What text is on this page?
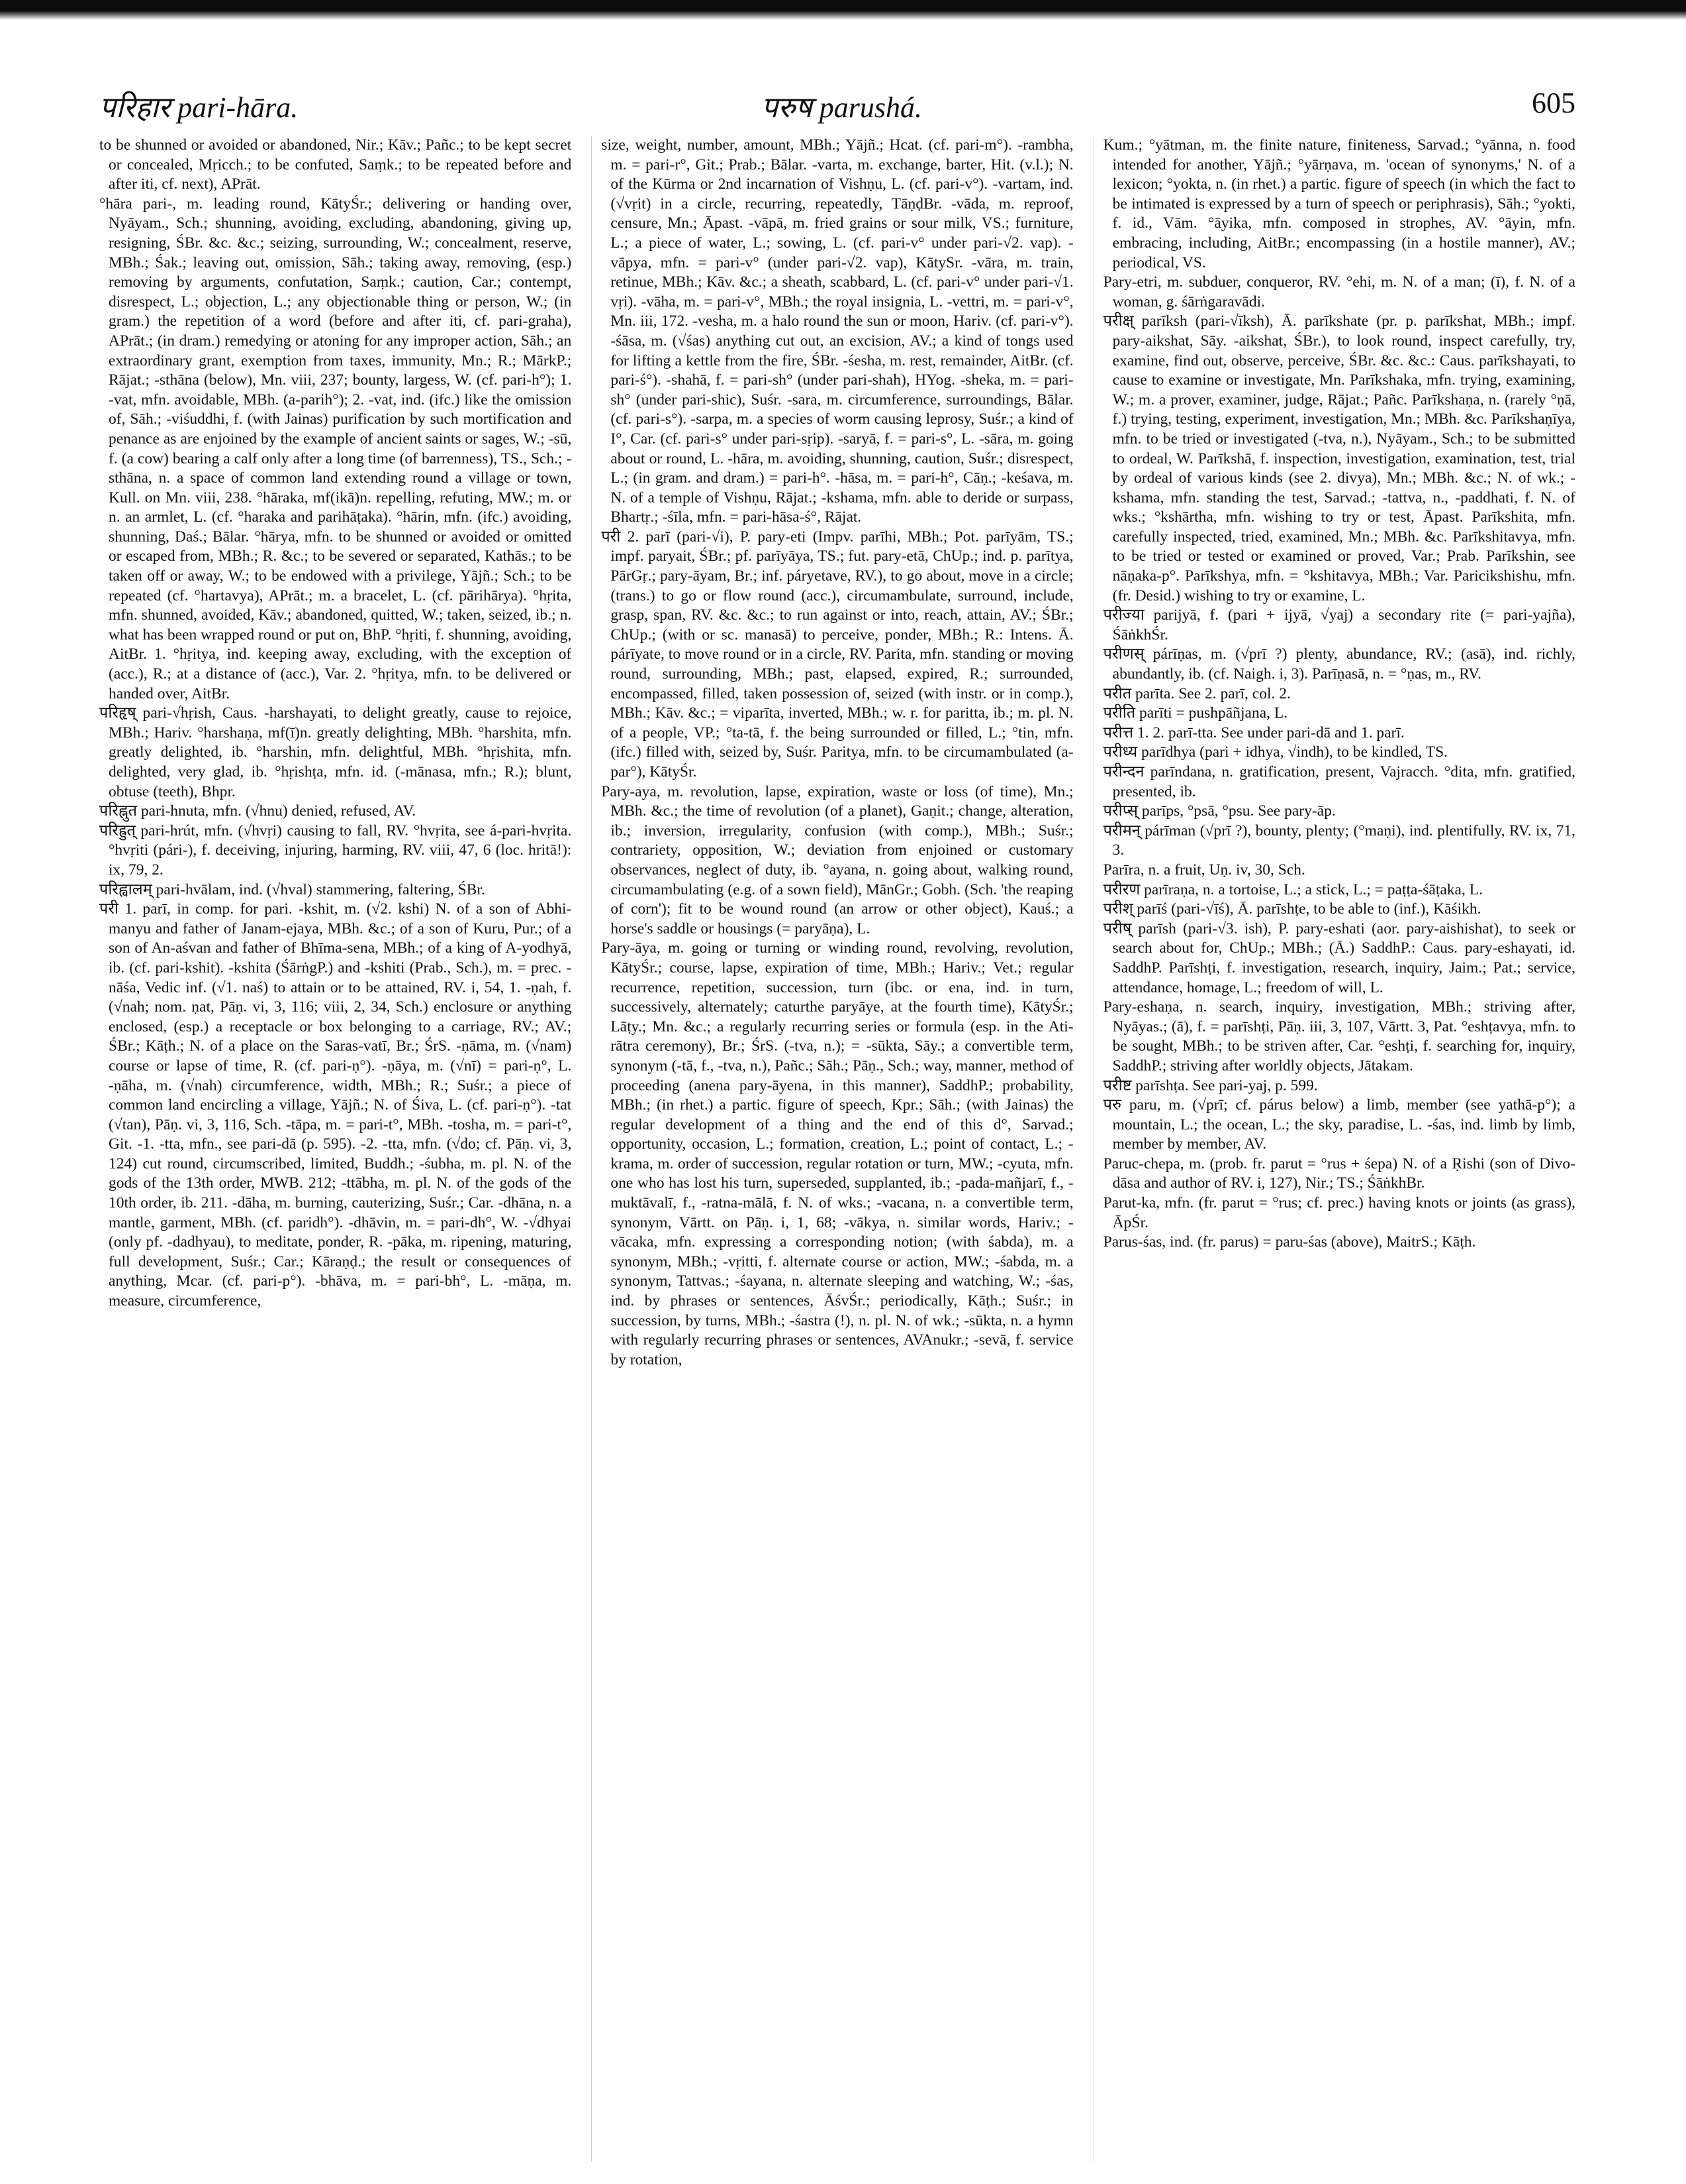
परिहार pari-hāra.	परुष parushá.	605

to be shunned or avoided or abandoned, Nir.; Kāv.; Pañc.; to be kept secret or concealed, Mṛicch.; to be confuted, Saṃk.; to be repeated before and after iti, cf. next), APrāt.

°hāra pari-, m. leading round, KātyŚr.; delivering or handing over, Nyāyam., Sch.; shunning, avoiding, excluding, abandoning, giving up, resigning, ŚBr. &c. &c.; seizing, surrounding, W.; concealment, reserve, MBh.; Śak.; leaving out, omission, Sāh.; taking away, removing, (esp.) removing by arguments, confutation, Saṃk.; caution, Car.; contempt, disrespect, L.; objection, L.; any objectionable thing or person, W.; (in gram.) the repetition of a word (before and after iti, cf. pari-graha), APrāt.; (in dram.) remedying or atoning for any improper action, Sāh.; an extraordinary grant, exemption from taxes, immunity, Mn.; R.; MārkP.; Rājat.; -sthāna (below), Mn. viii, 237; bounty, largess, W. (cf. pari-h°); 1. -vat, mfn. avoidable, MBh. (a-parih°); 2. -vat, ind. (ifc.) like the omission of, Sāh.; -viśuddhi, f. (with Jainas) purification by such mortification and penance as are enjoined by the example of ancient saints or sages, W.; -sū, f. (a cow) bearing a calf only after a long time (of barrenness), TS., Sch.; -sthāna, n. a space of common land extending round a village or town, Kull. on Mn. viii, 238. °hāraka, mf(ikā)n. repelling, refuting, MW.; m. or n. an armlet, L. (cf. °haraka and parihāṭaka). °hārin, mfn. (ifc.) avoiding, shunning, Daś.; Bālar. °hārya, mfn. to be shunned or avoided or omitted or escaped from, MBh.; R. &c.; to be severed or separated, Kathās.; to be taken off or away, W.; to be endowed with a privilege, Yājñ.; Sch.; to be repeated (cf. °hartavya), APrāt.; m. a bracelet, L. (cf. pārihārya). °hṛita, mfn. shunned, avoided, Kāv.; abandoned, quitted, W.; taken, seized, ib.; n. what has been wrapped round or put on, BhP. °hṛiti, f. shunning, avoiding, AitBr. 1. °hṛitya, ind. keeping away, excluding, with the exception of (acc.), R.; at a distance of (acc.), Var. 2. °hṛitya, mfn. to be delivered or handed over, AitBr.

परिहृष् pari-√hṛish, Caus. -harshayati, to delight greatly, cause to rejoice, MBh.; Hariv. °harshaṇa, mf(ī)n. greatly delighting, MBh. °harshita, mfn. greatly delighted, ib. °harshin, mfn. delightful, MBh. °hṛishita, mfn. delighted, very glad, ib. °hṛishṭa, mfn. id. (-mānasa, mfn.; R.); blunt, obtuse (teeth), Bhpr.

परिह्नुत pari-hnuta, mfn. (√hnu) denied, refused, AV.

परिह्रुत् pari-hrút, mfn. (√hvṛi) causing to fall, RV. °hvṛita, see á-pari-hvṛita. °hvṛiti (pári-), f. deceiving, injuring, harming, RV. viii, 47, 6 (loc. hritā!): ix, 79, 2.

परिह्वालम् pari-hvālam, ind. (√hval) stammering, faltering, ŚBr.

परी 1. parī, in comp. for pari. -kshit, m. (√2. kshi) N. of a son of Abhi-manyu and father of Janam-ejaya, MBh. &c.; of a son of Kuru, Pur.; of a son of An-aśvan and father of Bhīma-sena, MBh.; of a king of A-yodhyā, ib. (cf. pari-kshit). -kshita (ŚārṅgP.) and -kshiti (Prab., Sch.), m. = prec. -nāśa, Vedic inf. (√1. naś) to attain or to be attained, RV. i, 54, 1. -ṇah, f. (√nah; nom. ṇat, Pāṇ. vi, 3, 116; viii, 2, 34, Sch.) enclosure or anything enclosed, (esp.) a receptacle or box belonging to a carriage, RV.; AV.; ŚBr.; Kāṭh.; N. of a place on the Saras-vatī, Br.; ŚrS. -ṇāma, m. (√nam) course or lapse of time, R. (cf. pari-ṇ°). -ṇāya, m. (√nī) = pari-ṇ°, L. -ṇāha, m. (√nah) circumference, width, MBh.; R.; Suśr.; a piece of common land encircling a village, Yājñ.; N. of Śiva, L. (cf. pari-ṇ°). -tat (√tan), Pāṇ. vi, 3, 116, Sch. -tāpa, m. = pari-t°, MBh. -tosha, m. = pari-t°, Git. -1. -tta, mfn., see pari-dā (p. 595). -2. -tta, mfn. (√do; cf. Pāṇ. vi, 3, 124) cut round, circumscribed, limited, Buddh.; -śubha, m. pl. N. of the gods of the 13th order, MWB. 212; -ttābha, m. pl. N. of the gods of the 10th order, ib. 211. -dāha, m. burning, cauterizing, Suśr.; Car. -dhāna, n. a mantle, garment, MBh. (cf. paridh°). -dhāvin, m. = pari-dh°, W. -√dhyai (only pf. -dadhyau), to meditate, ponder, R. -pāka, m. ripening, maturing, full development, Suśr.; Car.; Kāraṇḍ.; the result or consequences of anything, Mcar. (cf. pari-p°). -bhāva, m. = pari-bh°, L. -māṇa, m. measure, circumference,

size, weight, number, amount, MBh.; Yājñ.; Hcat. (cf. pari-m°). -rambha, m. = pari-r°, Git.; Prab.; Bālar. -varta, m. exchange, barter, Hit. (v.l.); N. of the Kūrma or 2nd incarnation of Vishṇu, L. (cf. pari-v°). -vartam, ind. (√vṛit) in a circle, recurring, repeatedly, TāṇḍBr. -vāda, m. reproof, censure, Mn.; Āpast. -vāpā, m. fried grains or sour milk, VS.; furniture, L.; a piece of water, L.; sowing, L. (cf. pari-v° under pari-√2. vap). -vāpya, mfn. = pari-v° (under pari-√2. vap), KātySr. -vāra, m. train, retinue, MBh.; Kāv. &c.; a sheath, scabbard, L. (cf. pari-v° under pari-√1. vṛi). -vāha, m. = pari-v°, MBh.; the royal insignia, L. -vettri, m. = pari-v°, Mn. iii, 172. -vesha, m. a halo round the sun or moon, Hariv. (cf. pari-v°). -śāsa, m. (√śas) anything cut out, an excision, AV.; a kind of tongs used for lifting a kettle from the fire, ŚBr. -śesha, m. rest, remainder, AitBr. (cf. pari-ś°). -shahā, f. = pari-sh° (under pari-shah), HYog. -sheka, m. = pari-sh° (under pari-shic), Suśr. -sara, m. circumference, surroundings, Bālar. (cf. pari-s°). -sarpa, m. a species of worm causing leprosy, Suśr.; a kind of I°, Car. (cf. pari-s° under pari-sṛip). -saryā, f. = pari-s°, L. -sāra, m. going about or round, L. -hāra, m. avoiding, shunning, caution, Suśr.; disrespect, L.; (in gram. and dram.) = pari-h°. -hāsa, m. = pari-h°, Cāṇ.; -keśava, m. N. of a temple of Vishṇu, Rājat.; -kshama, mfn. able to deride or surpass, Bhartṛ.; -śīla, mfn. = pari-hāsa-ś°, Rājat.

परी 2. parī (pari-√i), P. pary-eti (Impv. parīhi, MBh.; Pot. parīyām, TS.; impf. paryait, ŚBr.; pf. parīyāya, TS.; fut. pary-etā, ChUp.; ind. p. parītya, PārGṛ.; pary-āyam, Br.; inf. páryetave, RV.), to go about, move in a circle; (trans.) to go or flow round (acc.), circumambulate, surround, include, grasp, span, RV. &c. &c.; to run against or into, reach, attain, AV.; ŚBr.; ChUp.; (with or sc. manasā) to perceive, ponder, MBh.; R.: Intens. Ā. párīyate, to move round or in a circle, RV. Parita, mfn. standing or moving round, surrounding, MBh.; past, elapsed, expired, R.; surrounded, encompassed, filled, taken possession of, seized (with instr. or in comp.), MBh.; Kāv. &c.; = viparīta, inverted, MBh.; w. r. for paritta, ib.; m. pl. N. of a people, VP.; °ta-tā, f. the being surrounded or filled, L.; °tin, mfn. (ifc.) filled with, seized by, Suśr. Paritya, mfn. to be circumambulated (a-par°), KātyŚr.

Pary-aya, m. revolution, lapse, expiration, waste or loss (of time), Mn.; MBh. &c.; the time of revolution (of a planet), Gaṇit.; change, alteration, ib.; inversion, irregularity, confusion (with comp.), MBh.; Suśr.; contrariety, opposition, W.; deviation from enjoined or customary observances, neglect of duty, ib. °ayana, n. going about, walking round, circumambulating (e.g. of a sown field), MānGr.; Gobh. (Sch. 'the reaping of corn'); fit to be wound round (an arrow or other object), Kauś.; a horse's saddle or housings (= paryāṇa), L.

Pary-āya, m. going or turning or winding round, revolving, revolution, KātyŚr.; course, lapse, expiration of time, MBh.; Hariv.; Vet.; regular recurrence, repetition, succession, turn (ibc. or ena, ind. in turn, successively, alternately; caturthe paryāye, at the fourth time), KātyŚr.; Lāṭy.; Mn. &c.; a regularly recurring series or formula (esp. in the Ati-rātra ceremony), Br.; ŚrS. (-tva, n.); = -sūkta, Sāy.; a convertible term, synonym (-tā, f., -tva, n.), Pañc.; Sāh.; Pāṇ., Sch.; way, manner, method of proceeding (anena pary-āyena, in this manner), SaddhP.; probability, MBh.; (in rhet.) a partic. figure of speech, Kpr.; Sāh.; (with Jainas) the regular development of a thing and the end of this d°, Sarvad.; opportunity, occasion, L.; formation, creation, L.; point of contact, L.; -krama, m. order of succession, regular rotation or turn, MW.; -cyuta, mfn. one who has lost his turn, superseded, supplanted, ib.; -pada-mañjarī, f., -muktāvalī, f., -ratna-mālā, f. N. of wks.; -vacana, n. a convertible term, synonym, Vārtt. on Pāṇ. i, 1, 68; -vākya, n. similar words, Hariv.; -vācaka, mfn. expressing a corresponding notion; (with śabda), m. a synonym, MBh.; -vṛitti, f. alternate course or action, MW.; -śabda, m. a synonym, Tattvas.; -śayana, n. alternate sleeping and watching, W.; -śas, ind. by phrases or sentences, ĀśvŚr.; periodically, Kāṭh.; Suśr.; in succession, by turns, MBh.; -śastra (!), n. pl. N. of wk.; -sūkta, n. a hymn with regularly recurring phrases or sentences, AVAnukr.; -sevā, f. service by rotation,

Kum.; °yātman, m. the finite nature, finiteness, Sarvad.; °yānna, n. food intended for another, Yājñ.; °yārṇava, m. 'ocean of synonyms,' N. of a lexicon; °yokta, n. (in rhet.) a partic. figure of speech (in which the fact to be intimated is expressed by a turn of speech or periphrasis), Sāh.; °yokti, f. id., Vām. °āyika, mfn. composed in strophes, AV. °āyin, mfn. embracing, including, AitBr.; encompassing (in a hostile manner), AV.; periodical, VS.

Pary-etri, m. subduer, conqueror, RV. °ehi, m. N. of a man; (ī), f. N. of a woman, g. śārṅgaravādi.

परीक्ष् parīksh (pari-√īksh), Ā. parīkshate (pr. p. parīkshat, MBh.; impf. pary-aikshat, Sāy. -aikshat, ŚBr.), to look round, inspect carefully, try, examine, find out, observe, perceive, ŚBr. &c. &c.: Caus. parīkshayati, to cause to examine or investigate, Mn. Parīkshaka, mfn. trying, examining, W.; m. a prover, examiner, judge, Rājat.; Pañc. Parīkshaṇa, n. (rarely °ṇā, f.) trying, testing, experiment, investigation, Mn.; MBh. &c. Parīkshaṇīya, mfn. to be tried or investigated (-tva, n.), Nyāyam., Sch.; to be submitted to ordeal, W. Parīkshā, f. inspection, investigation, examination, test, trial by ordeal of various kinds (see 2. divya), Mn.; MBh. &c.; N. of wk.; -kshama, mfn. standing the test, Sarvad.; -tattva, n., -paddhati, f. N. of wks.; °kshārtha, mfn. wishing to try or test, Āpast. Parīkshita, mfn. carefully inspected, tried, examined, Mn.; MBh. &c. Parīkshitavya, mfn. to be tried or tested or examined or proved, Var.; Prab. Parīkshin, see nāṇaka-p°. Parīkshya, mfn. = °kshitavya, MBh.; Var. Paricikshishu, mfn. (fr. Desid.) wishing to try or examine, L.

परीज्या parijyā, f. (pari + ijyā, √yaj) a secondary rite (= pari-yajña), ŚāṅkhŚr.

परीणस् párīṇas, m. (√prī ?) plenty, abundance, RV.; (asā), ind. richly, abundantly, ib. (cf. Naigh. i, 3). Parīṇasā, n. = °ṇas, m., RV.

परीत parīta. See 2. parī, col. 2.

परीति parīti = pushpāñjana, L.

परीत्त 1. 2. parī-tta. See under pari-dā and 1. parī.

परीध्य parīdhya (pari + idhya, √indh), to be kindled, TS.

परीन्दन parīndana, n. gratification, present, Vajracch. °dita, mfn. gratified, presented, ib.

परीप्स् parīps, °psā, °psu. See pary-āp.

परीमन् párīman (√prī ?), bounty, plenty; (°maṇi), ind. plentifully, RV. ix, 71, 3.

Parīra, n. a fruit, Uṇ. iv, 30, Sch.

परीरण parīraṇa, n. a tortoise, L.; a stick, L.; = paṭṭa-śāṭaka, L.

परीश् parīś (pari-√īś), Ā. parīshṭe, to be able to (inf.), Kāśikh.

परीष् parīsh (pari-√3. ish), P. pary-eshati (aor. pary-aishishat), to seek or search about for, ChUp.; MBh.; (Ā.) SaddhP.: Caus. pary-eshayati, id. SaddhP. Parīshṭi, f. investigation, research, inquiry, Jaim.; Pat.; service, attendance, homage, L.; freedom of will, L.

Pary-eshaṇa, n. search, inquiry, investigation, MBh.; striving after, Nyāyas.; (ā), f. = parīshṭi, Pāṇ. iii, 3, 107, Vārtt. 3, Pat. °eshṭavya, mfn. to be sought, MBh.; to be striven after, Car. °eshṭi, f. searching for, inquiry, SaddhP.; striving after worldly objects, Jātakam.

परीष्ट parīshṭa. See pari-yaj, p. 599.

परु paru, m. (√prī; cf. párus below) a limb, member (see yathā-p°); a mountain, L.; the ocean, L.; the sky, paradise, L. -śas, ind. limb by limb, member by member, AV.

Paruc-chepa, m. (prob. fr. parut = °rus + śepa) N. of a Ṛishi (son of Divo-dāsa and author of RV. i, 127), Nir.; TS.; ŚāṅkhBr.

Parut-ka, mfn. (fr. parut = °rus; cf. prec.) having knots or joints (as grass), ĀpŚr.

Parus-śas, ind. (fr. parus) = paru-śas (above), MaitrS.; Kāṭh.
